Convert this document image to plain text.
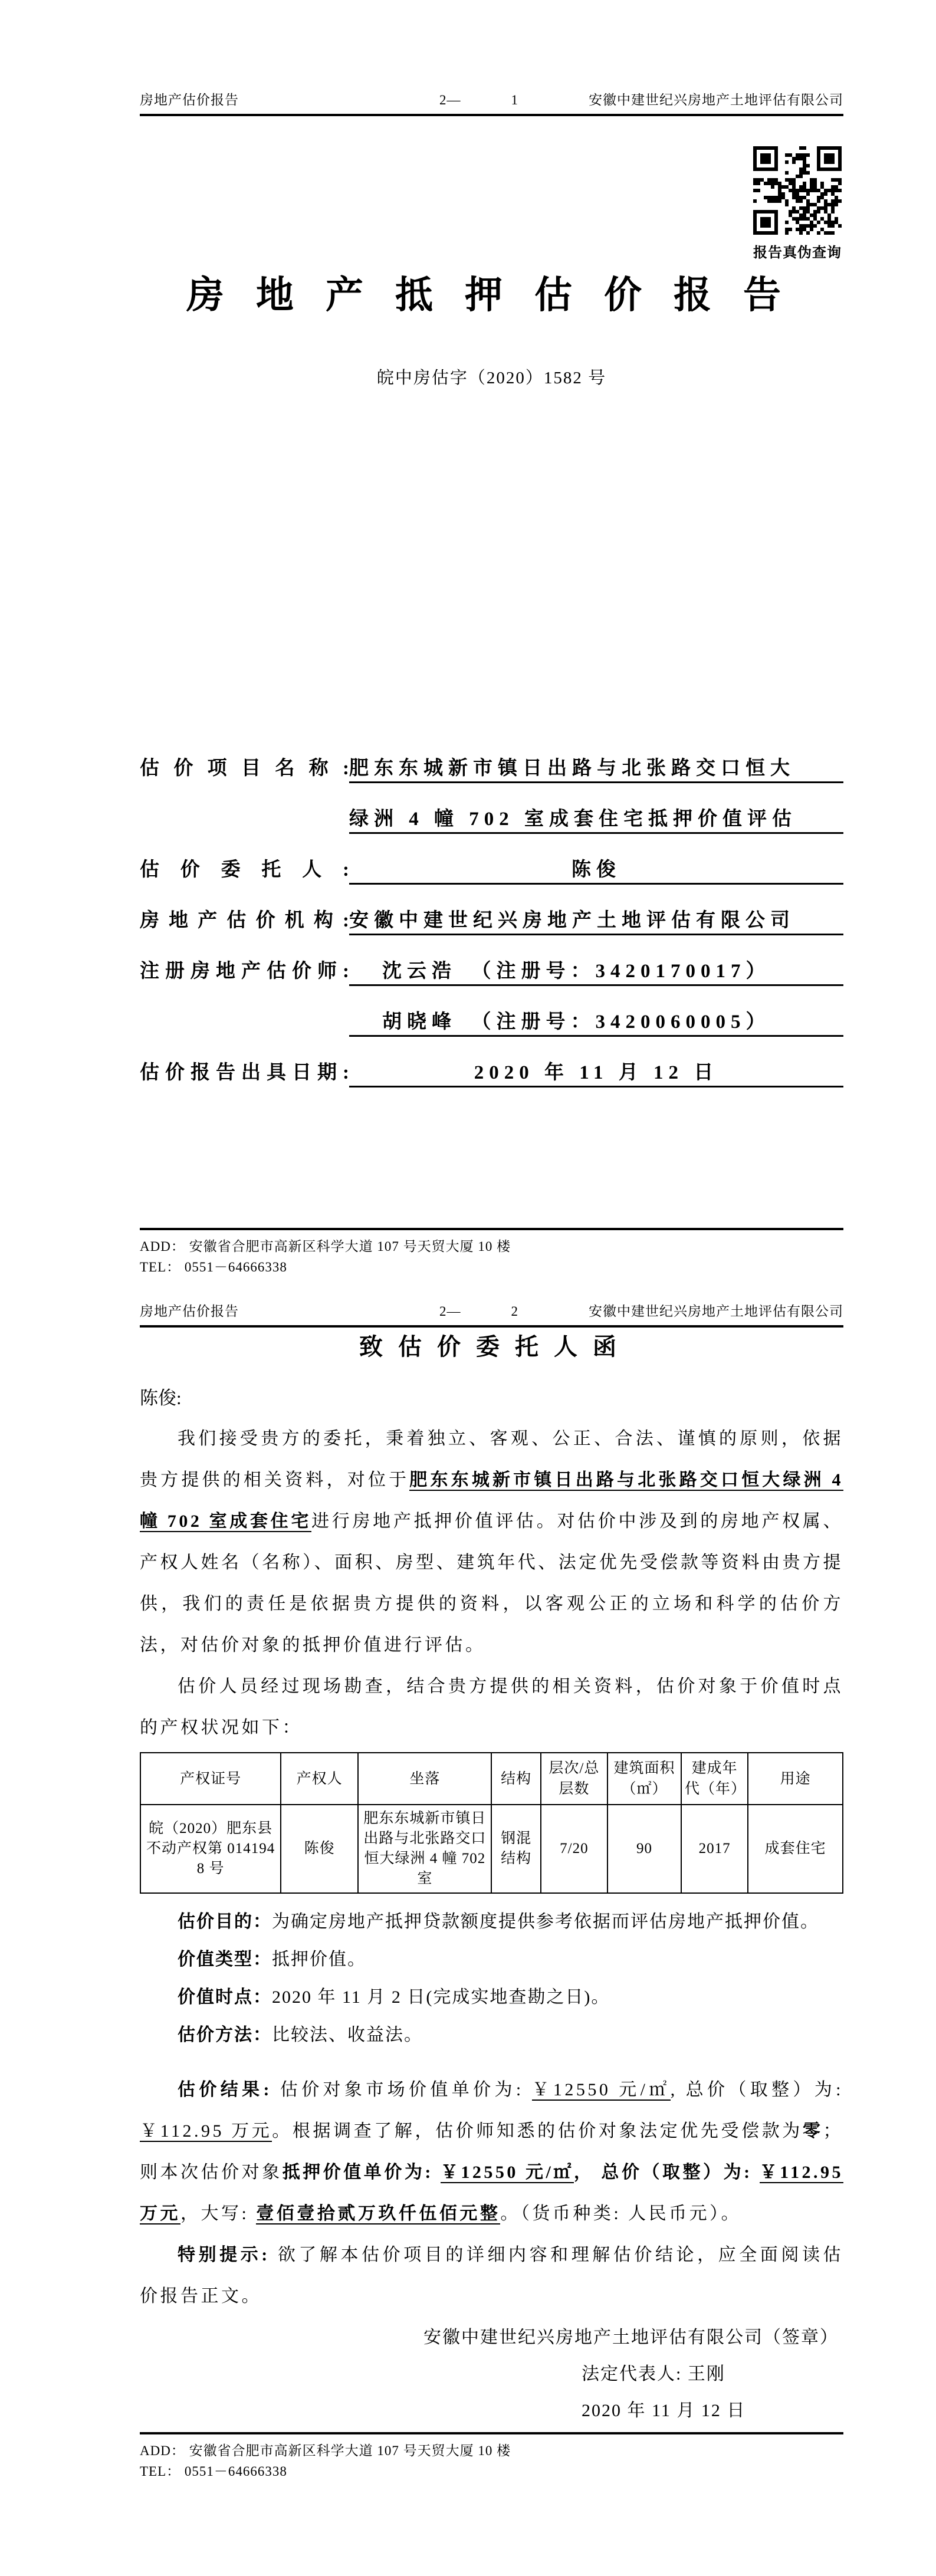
房地产估价报告	2—	1	安徽中建世纪兴房地产土地评估有限公司
报告真伪查询
房地产抵押估价报告
皖中房估字（2020）1582 号
估价项目名称: 肥东东城新市镇日出路与北张路交口恒大
绿洲 4 幢 702 室成套住宅抵押价值评估
估价委托人:	陈俊
房地产估价机构: 安徽中建世纪兴房地产土地评估有限公司
注册房地产估价师:	沈云浩　（注册号：3420170017）
胡晓峰　（注册号：3420060005）
估价报告出具日期:	2020 年 11 月 12 日
ADD： 安徽省合肥市高新区科学大道 107 号天贸大厦 10 楼
TEL： 0551－64666338
房地产估价报告	2—	2	安徽中建世纪兴房地产土地评估有限公司
致估价委托人函
陈俊:

我们接受贵方的委托，秉着独立、客观、公正、合法、谨慎的原则，依据贵方提供的相关资料，对位于肥东东城新市镇日出路与北张路交口恒大绿洲 4 幢 702 室成套住宅进行房地产抵押价值评估。对估价中涉及到的房地产权属、产权人姓名（名称）、面积、房型、建筑年代、法定优先受偿款等资料由贵方提供，我们的责任是依据贵方提供的资料，以客观公正的立场和科学的估价方法，对估价对象的抵押价值进行评估。

估价人员经过现场勘查，结合贵方提供的相关资料，估价对象于价值时点的产权状况如下：

产权证号	产权人	坐落	结构	层次/总层数	建筑面积（㎡）	建成年代（年）	用途
皖（2020）肥东县不动产权第 0141948 号	陈俊	肥东东城新市镇日出路与北张路交口恒大绿洲 4 幢 702 室	钢混结构	7/20	90	2017	成套住宅

估价目的：为确定房地产抵押贷款额度提供参考依据而评估房地产抵押价值。

价值类型：抵押价值。

价值时点：2020 年 11 月 2 日(完成实地查勘之日)。

估价方法：比较法、收益法。

估价结果: 估价对象市场价值单价为: ￥12550 元/㎡, 总价（取整）为: ￥112.95 万元。根据调查了解，估价师知悉的估价对象法定优先受偿款为零；则本次估价对象抵押价值单价为: ￥12550 元/㎡， 总价（取整）为: ￥112.95 万元，大写: 壹佰壹拾贰万玖仟伍佰元整。（货币种类: 人民币元）。

特别提示: 欲了解本估价项目的详细内容和理解估价结论，应全面阅读估价报告正文。

安徽中建世纪兴房地产土地评估有限公司（签章）
法定代表人: 王刚
2020 年 11 月 12 日
ADD： 安徽省合肥市高新区科学大道 107 号天贸大厦 10 楼
TEL： 0551－64666338
